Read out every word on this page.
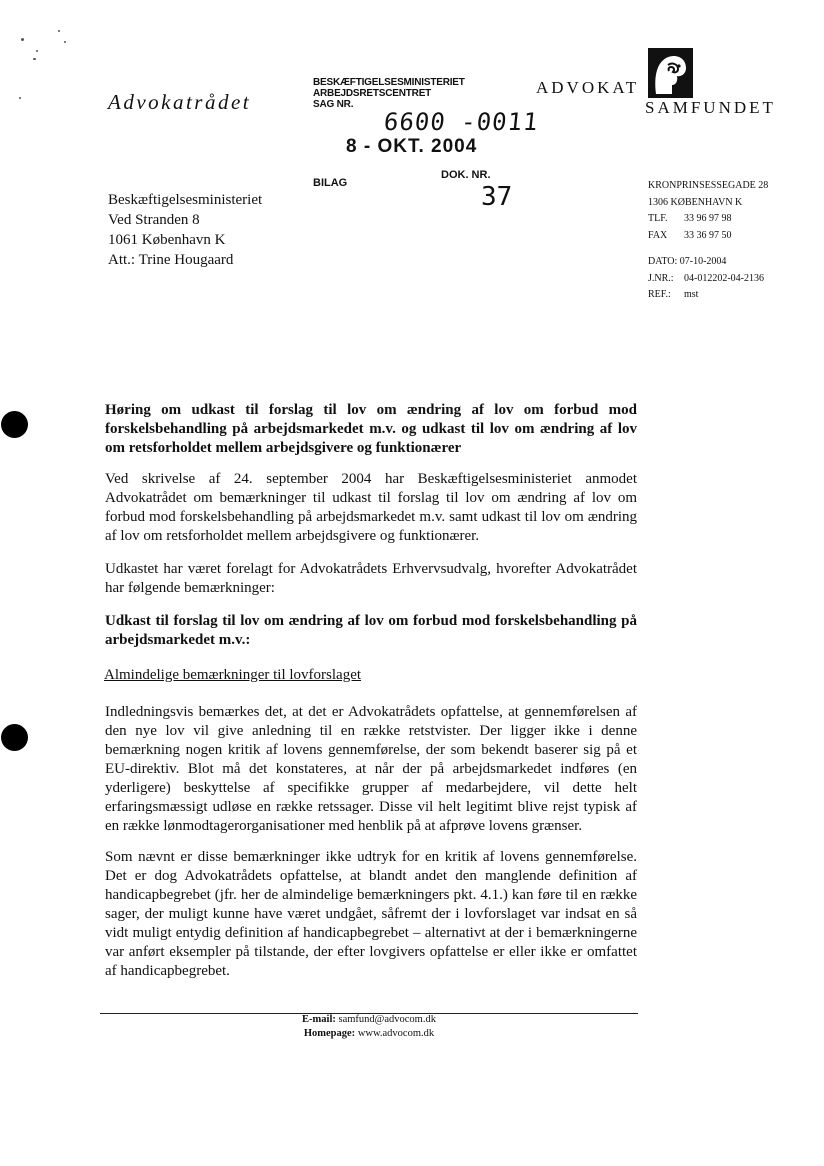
Advokatrådet
BESKÆFTIGELSESMINISTERIET
ARBEJDSRETSCENTRET
SAG NR.
6600 -0011
8 - OKT. 2004
BILAG
DOK. NR.
37
ADVOKAT
SAMFUNDET
KRONPRINSESSEGADE 28
1306 KØBENHAVN K
TLF. 33 96 97 98
FAX 33 36 97 50
DATO: 07-10-2004
J.NR.: 04-012202-04-2136
REF.: mst
Beskæftigelsesministeriet
Ved Stranden 8
1061 København K
Att.: Trine Hougaard
Høring om udkast til forslag til lov om ændring af lov om forbud mod forskelsbehandling på arbejdsmarkedet m.v. og udkast til lov om ændring af lov om retsforholdet mellem arbejdsgivere og funktionærer
Ved skrivelse af 24. september 2004 har Beskæftigelsesministeriet anmodet Advokatrådet om bemærkninger til udkast til forslag til lov om ændring af lov om forbud mod forskelsbehandling på arbejdsmarkedet m.v. samt udkast til lov om ændring af lov om retsforholdet mellem arbejdsgivere og funktionærer.
Udkastet har været forelagt for Advokatrådets Erhvervsudvalg, hvorefter Advokatrådet har følgende bemærkninger:
Udkast til forslag til lov om ændring af lov om forbud mod forskelsbehandling på arbejdsmarkedet m.v.:
Almindelige bemærkninger til lovforslaget
Indledningsvis bemærkes det, at det er Advokatrådets opfattelse, at gennemførelsen af den nye lov vil give anledning til en række retstvister. Der ligger ikke i denne bemærkning nogen kritik af lovens gennemførelse, der som bekendt baserer sig på et EU-direktiv. Blot må det konstateres, at når der på arbejdsmarkedet indføres (en yderligere) beskyttelse af specifikke grupper af medarbejdere, vil dette helt erfaringsmæssigt udløse en række retssager. Disse vil helt legitimt blive rejst typisk af en række lønmodtagerorganisationer med henblik på at afprøve lovens grænser.
Som nævnt er disse bemærkninger ikke udtryk for en kritik af lovens gennemførelse. Det er dog Advokatrådets opfattelse, at blandt andet den manglende definition af handicapbegrebet (jfr. her de almindelige bemærkningers pkt. 4.1.) kan føre til en række sager, der muligt kunne have været undgået, såfremt der i lovforslaget var indsat en så vidt muligt entydig definition af handicapbegrebet – alternativt at der i bemærkningerne var anført eksempler på tilstande, der efter lovgivers opfattelse er eller ikke er omfattet af handicapbegrebet.
E-mail: samfund@advocom.dk
Homepage: www.advocom.dk
